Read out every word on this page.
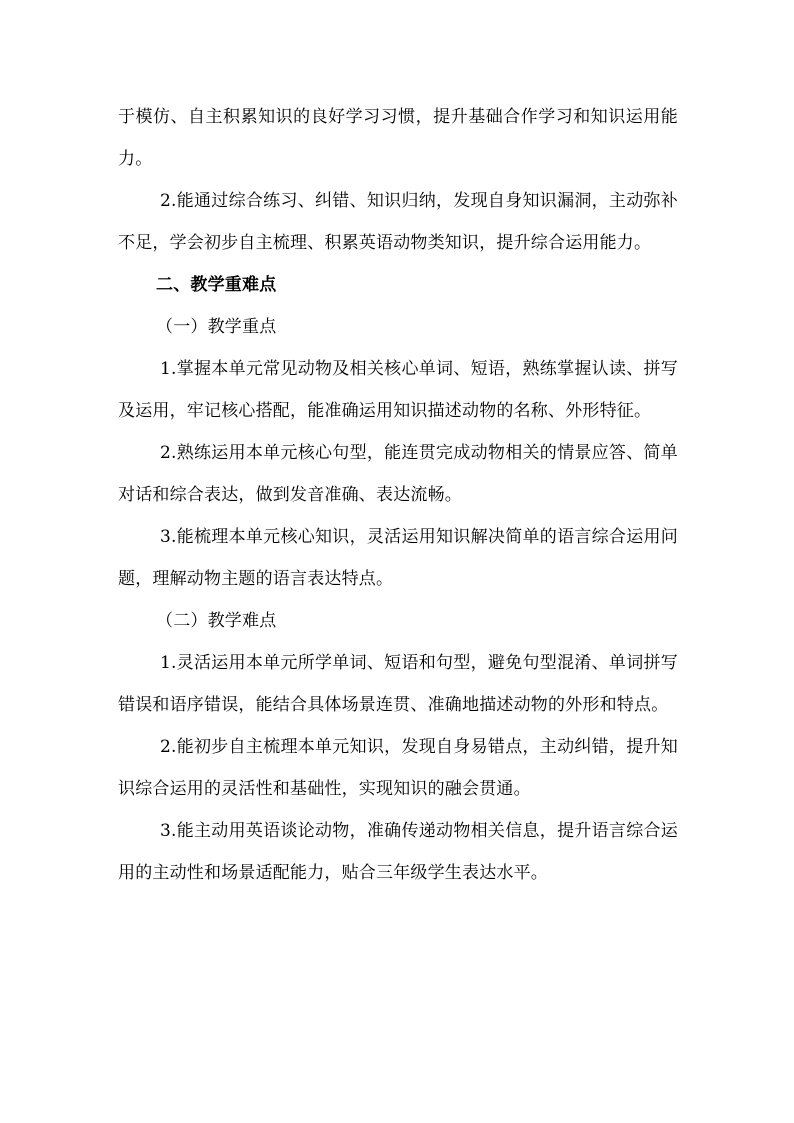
于模仿、自主积累知识的良好学习习惯，提升基础合作学习和知识运用能力。

2.能通过综合练习、纠错、知识归纳，发现自身知识漏洞，主动弥补不足，学会初步自主梳理、积累英语动物类知识，提升综合运用能力。

二、教学重难点

（一）教学重点

1.掌握本单元常见动物及相关核心单词、短语，熟练掌握认读、拼写及运用，牢记核心搭配，能准确运用知识描述动物的名称、外形特征。

2.熟练运用本单元核心句型，能连贯完成动物相关的情景应答、简单对话和综合表达，做到发音准确、表达流畅。

3.能梳理本单元核心知识，灵活运用知识解决简单的语言综合运用问题，理解动物主题的语言表达特点。

（二）教学难点

1.灵活运用本单元所学单词、短语和句型，避免句型混淆、单词拼写错误和语序错误，能结合具体场景连贯、准确地描述动物的外形和特点。

2.能初步自主梳理本单元知识，发现自身易错点，主动纠错，提升知识综合运用的灵活性和基础性，实现知识的融会贯通。

3.能主动用英语谈论动物，准确传递动物相关信息，提升语言综合运用的主动性和场景适配能力，贴合三年级学生表达水平。
